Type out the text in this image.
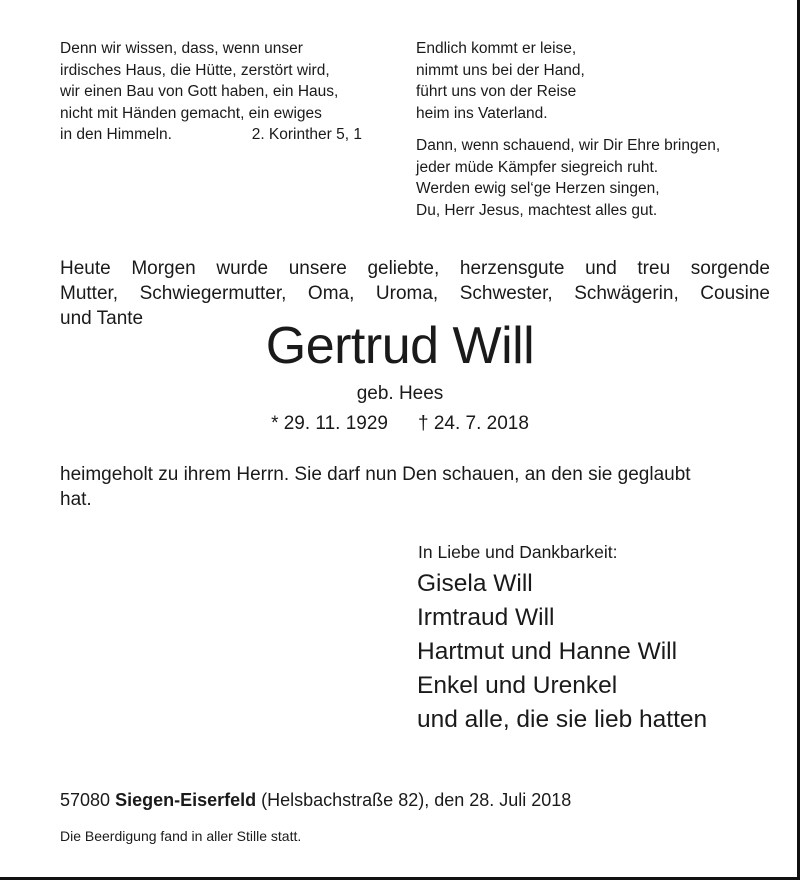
Denn wir wissen, dass, wenn unser
irdisches Haus, die Hütte, zerstört wird,
wir einen Bau von Gott haben, ein Haus,
nicht mit Händen gemacht, ein ewiges
in den Himmeln.	2. Korinther 5, 1
Endlich kommt er leise,
nimmt uns bei der Hand,
führt uns von der Reise
heim ins Vaterland.
Dann, wenn schauend, wir Dir Ehre bringen,
jeder müde Kämpfer siegreich ruht.
Werden ewig sel‘ge Herzen singen,
Du, Herr Jesus, machtest alles gut.
Heute Morgen wurde unsere geliebte, herzensgute und treu sorgende
Mutter, Schwiegermutter, Oma, Uroma, Schwester, Schwägerin, Cousine
und Tante	Gertrud Will
geb. Hees
* 29. 11. 1929 † 24. 7. 2018
heimgeholt zu ihrem Herrn. Sie darf nun Den schauen, an den sie geglaubt
hat.
In Liebe und Dankbarkeit:
Gisela Will
Irmtraud Will
Hartmut und Hanne Will
Enkel und Urenkel
und alle, die sie lieb hatten
57080 Siegen-Eiserfeld (Helsbachstraße 82), den 28. Juli 2018
Die Beerdigung fand in aller Stille statt.
